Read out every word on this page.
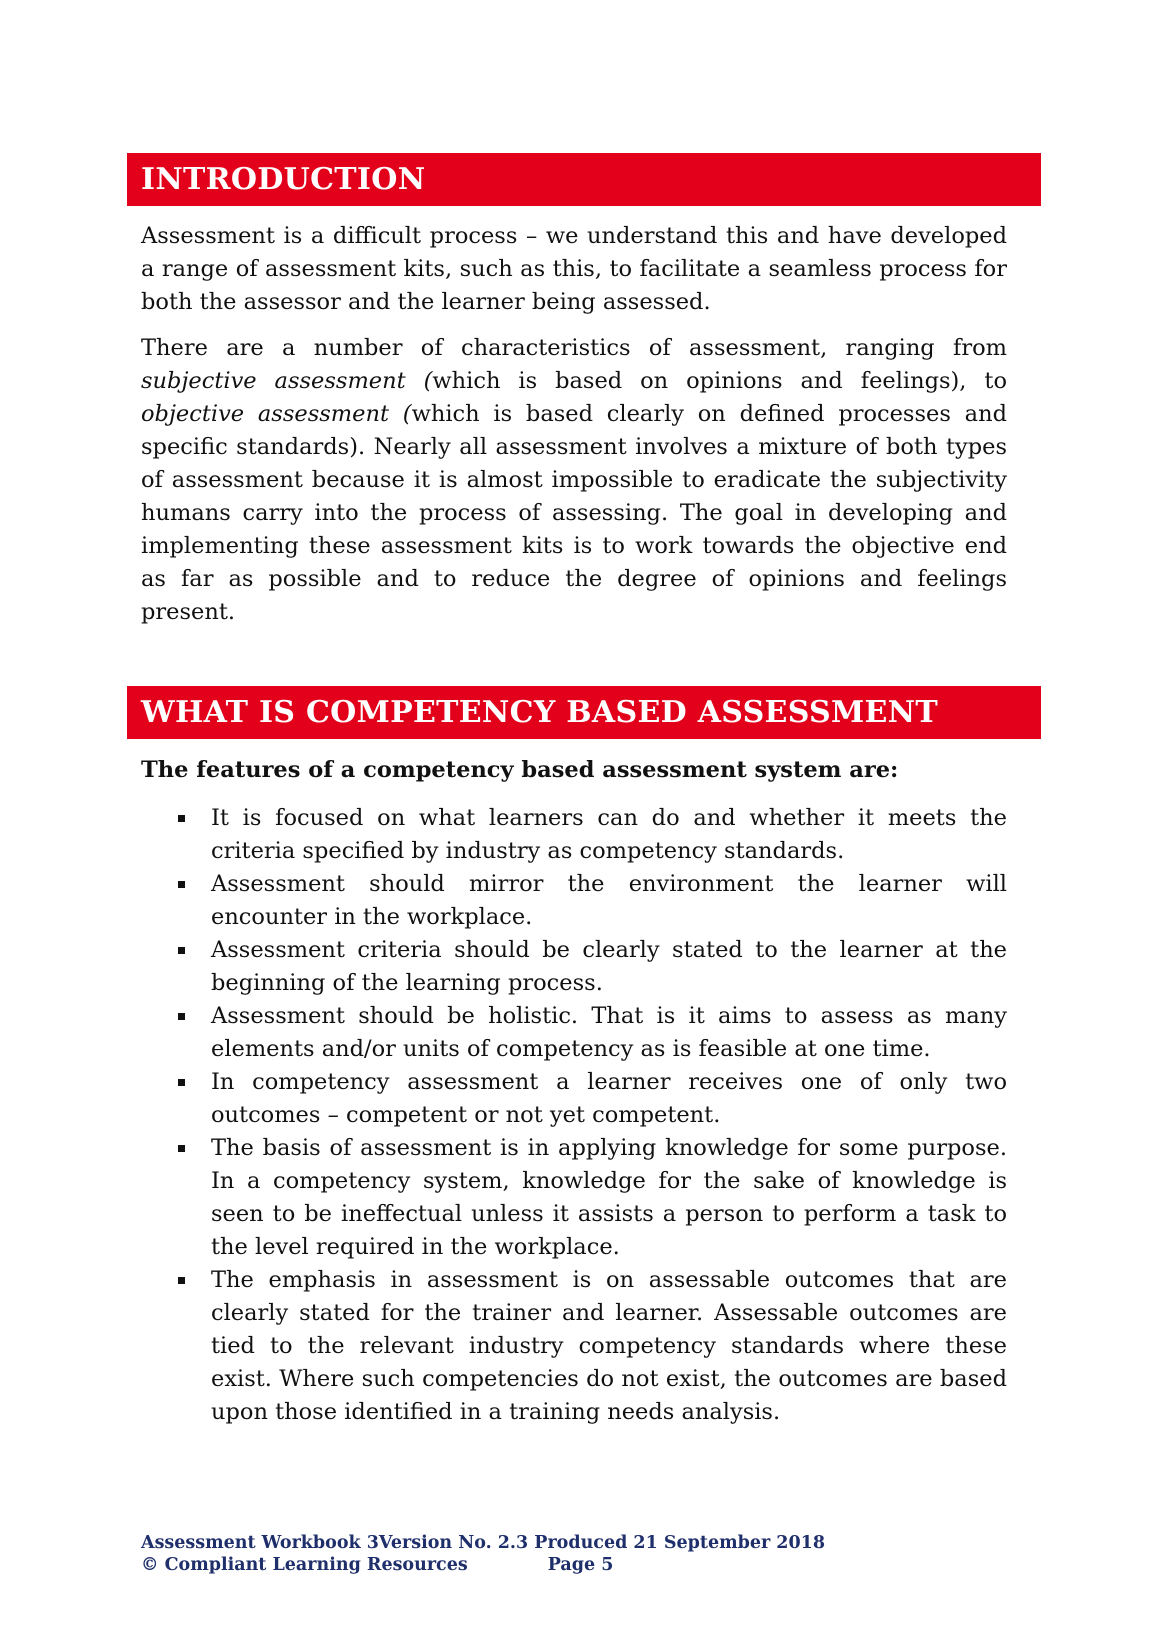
INTRODUCTION

Assessment is a difficult process – we understand this and have developed a range of assessment kits, such as this, to facilitate a seamless process for both the assessor and the learner being assessed.

There are a number of characteristics of assessment, ranging from subjective assessment (which is based on opinions and feelings), to objective assessment (which is based clearly on defined processes and specific standards). Nearly all assessment involves a mixture of both types of assessment because it is almost impossible to eradicate the subjectivity humans carry into the process of assessing. The goal in developing and implementing these assessment kits is to work towards the objective end as far as possible and to reduce the degree of opinions and feelings present.

WHAT IS COMPETENCY BASED ASSESSMENT
The features of a competency based assessment system are:
It is focused on what learners can do and whether it meets the criteria specified by industry as competency standards.
Assessment should mirror the environment the learner will encounter in the workplace.
Assessment criteria should be clearly stated to the learner at the beginning of the learning process.
Assessment should be holistic. That is it aims to assess as many elements and/or units of competency as is feasible at one time.
In competency assessment a learner receives one of only two outcomes – competent or not yet competent.
The basis of assessment is in applying knowledge for some purpose. In a competency system, knowledge for the sake of knowledge is seen to be ineffectual unless it assists a person to perform a task to the level required in the workplace.
The emphasis in assessment is on assessable outcomes that are clearly stated for the trainer and learner. Assessable outcomes are tied to the relevant industry competency standards where these exist. Where such competencies do not exist, the outcomes are based upon those identified in a training needs analysis.
Assessment Workbook 3Version No. 2.3 Produced 21 September 2018
© Compliant Learning Resources	Page 5
